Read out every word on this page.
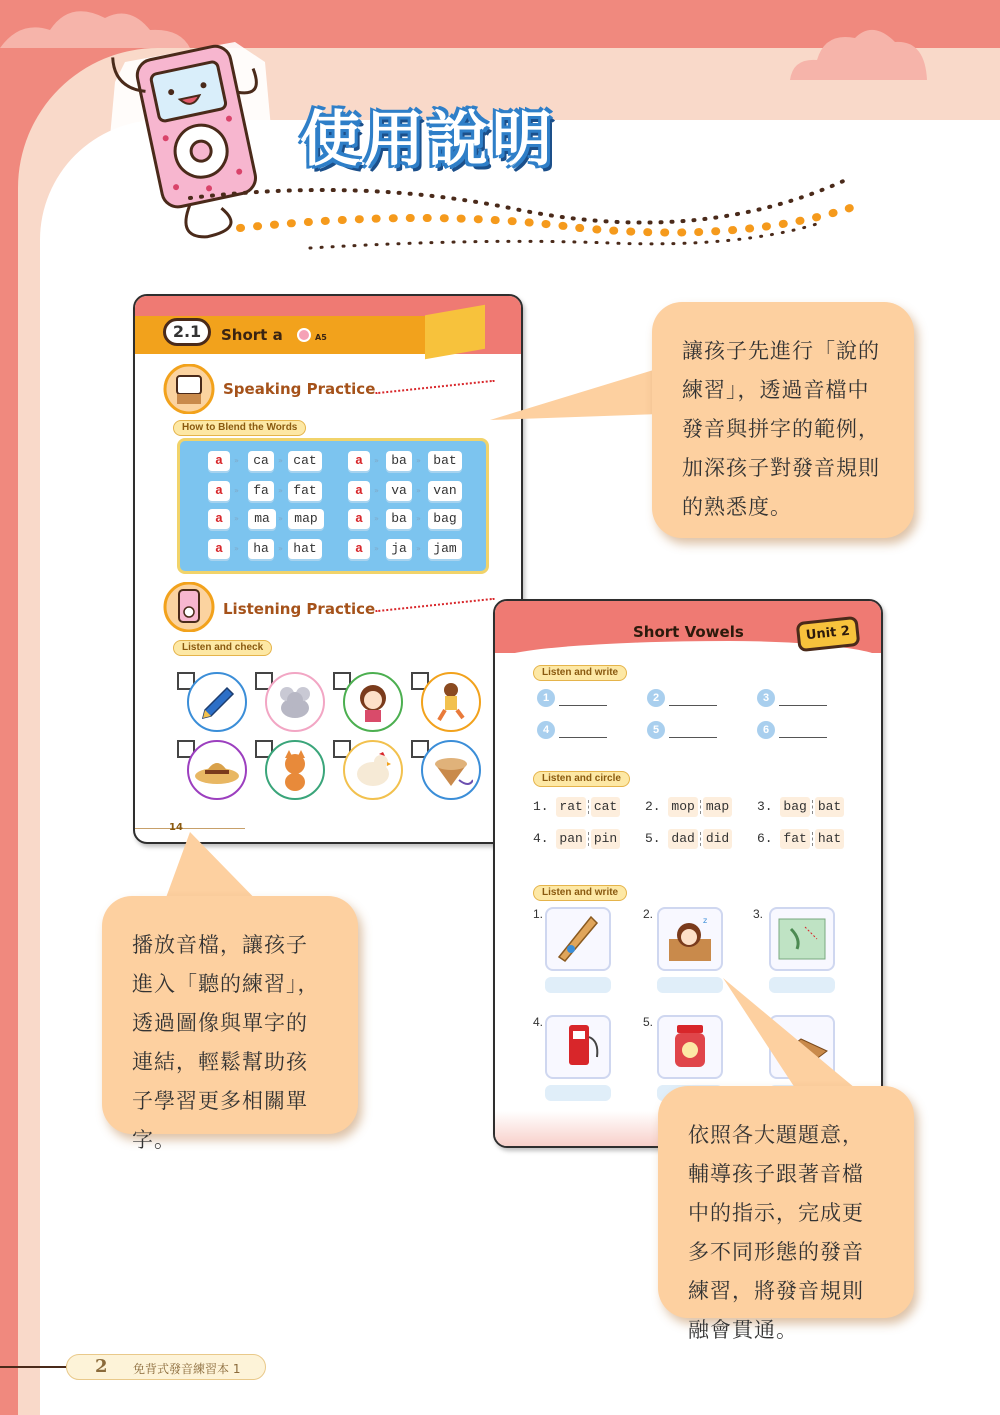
使用說明
2.1	Short a	A5
Speaking Practice
How to Blend the Words
a	ca	cat	a	ba	bat
a	fa	fat	a	va	van
a	ma	map	a	ba	bag
a	ha	hat	a	ja	jam
»	»	»	»
»	»	»	»
»	»	»	»
»	»	»	»
Listening Practice
Listen and check
14
Short Vowels	Unit 2
Listen and write
1	2	3
4	5	6
Listen and circle
1. rat cat 2. mop map 3. bag bat
4. pan pin 5. dad did 6. fat hat
Listen and write
1.	2.	z	3.
4.	5.

讓孩子先進行「說的練習」，透過音檔中發音與拼字的範例，加深孩子對發音規則的熟悉度。

播放音檔，讓孩子進入「聽的練習」，透過圖像與單字的連結，輕鬆幫助孩子學習更多相關單字。	依照各大題題意，輔導孩子跟著音檔中的指示，完成更多不同形態的發音練習，將發音規則融會貫通。

2 免背式發音練習本 1
